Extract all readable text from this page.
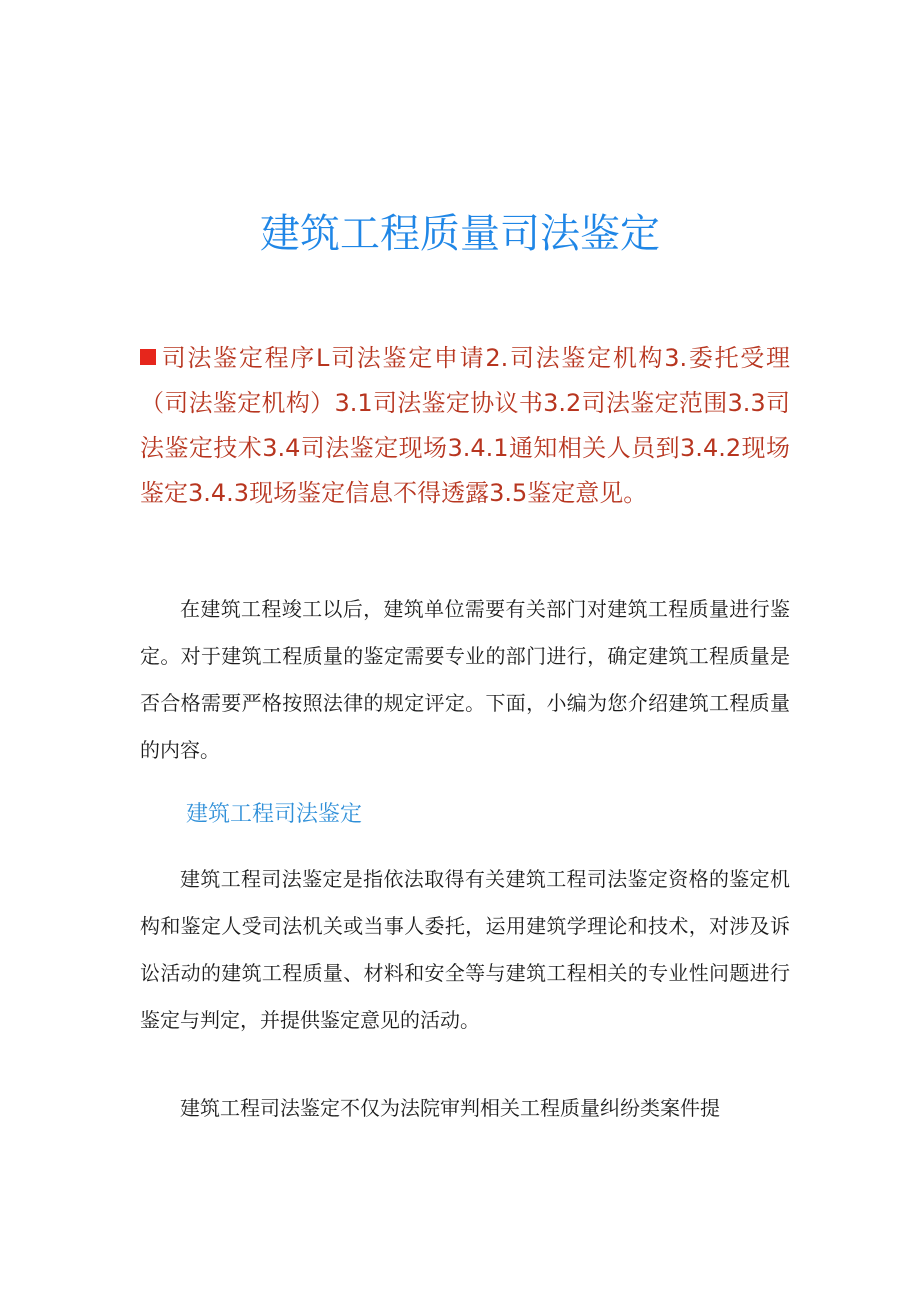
建筑工程质量司法鉴定

司法鉴定程序L司法鉴定申请2.司法鉴定机构3.委托受理（司法鉴定机构）3.1司法鉴定协议书3.2司法鉴定范围3.3司法鉴定技术3.4司法鉴定现场3.4.1通知相关人员到3.4.2现场鉴定3.4.3现场鉴定信息不得透露3.5鉴定意见。

在建筑工程竣工以后，建筑单位需要有关部门对建筑工程质量进行鉴定。对于建筑工程质量的鉴定需要专业的部门进行，确定建筑工程质量是否合格需要严格按照法律的规定评定。下面，小编为您介绍建筑工程质量的内容。

建筑工程司法鉴定

建筑工程司法鉴定是指依法取得有关建筑工程司法鉴定资格的鉴定机构和鉴定人受司法机关或当事人委托，运用建筑学理论和技术，对涉及诉讼活动的建筑工程质量、材料和安全等与建筑工程相关的专业性问题进行鉴定与判定，并提供鉴定意见的活动。

建筑工程司法鉴定不仅为法院审判相关工程质量纠纷类案件提
